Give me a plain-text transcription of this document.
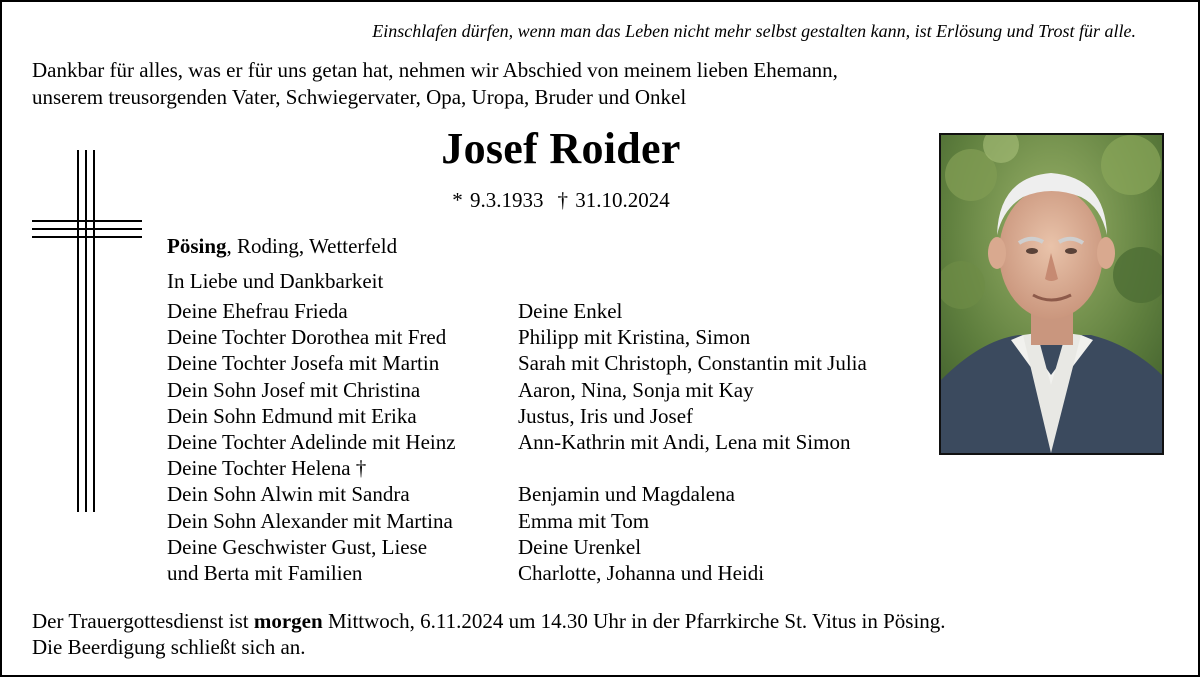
Einschlafen dürfen, wenn man das Leben nicht mehr selbst gestalten kann, ist Erlösung und Trost für alle.
Dankbar für alles, was er für uns getan hat, nehmen wir Abschied von meinem lieben Ehemann,
unserem treusorgenden Vater, Schwiegervater, Opa, Uropa, Bruder und Onkel
Josef Roider
* 9.3.1933 † 31.10.2024
Pösing, Roding, Wetterfeld
In Liebe und Dankbarkeit
Deine Ehefrau Frieda
Deine Tochter Dorothea mit Fred
Deine Tochter Josefa mit Martin
Dein Sohn Josef mit Christina
Dein Sohn Edmund mit Erika
Deine Tochter Adelinde mit Heinz
Deine Tochter Helena †
Dein Sohn Alwin mit Sandra
Dein Sohn Alexander mit Martina
Deine Geschwister Gust, Liese
und Berta mit Familien
Deine Enkel
Philipp mit Kristina, Simon
Sarah mit Christoph, Constantin mit Julia
Aaron, Nina, Sonja mit Kay
Justus, Iris und Josef
Ann-Kathrin mit Andi, Lena mit Simon
Benjamin und Magdalena
Emma mit Tom
Deine Urenkel
Charlotte, Johanna und Heidi
Der Trauergottesdienst ist morgen Mittwoch, 6.11.2024 um 14.30 Uhr in der Pfarrkirche St. Vitus in Pösing.
Die Beerdigung schließt sich an.
